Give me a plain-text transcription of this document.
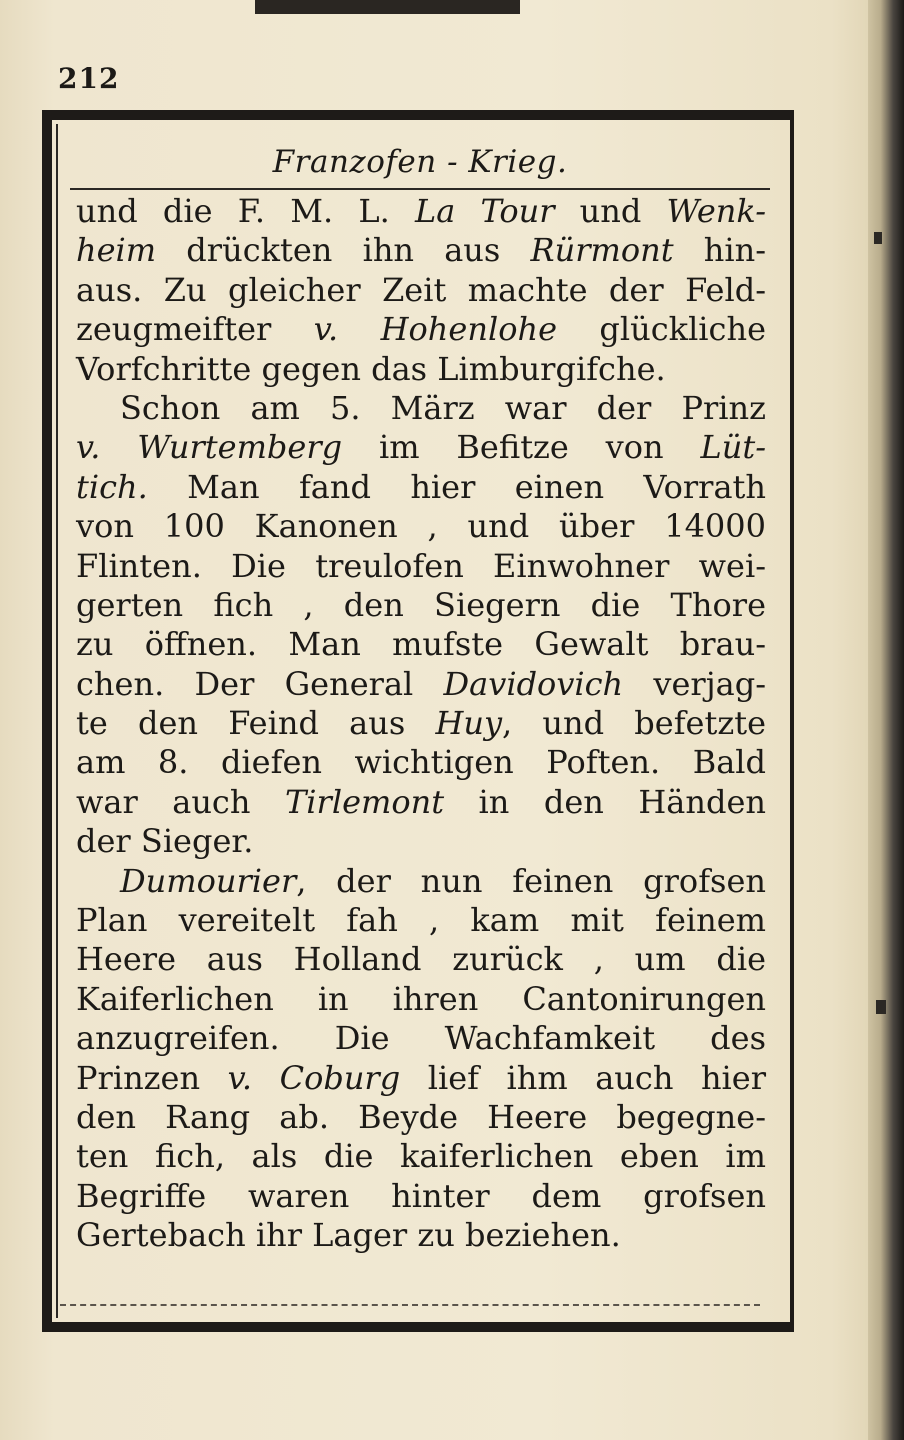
212
Franzofen - Krieg.
und die F. M. L. La Tour und Wenk-
heim drückten ihn aus Rürmont hin-
aus. Zu gleicher Zeit machte der Feld-
zeugmeifter v. Hohenlohe glückliche
Vorfchritte gegen das Limburgifche.
Schon am 5. März war der Prinz
v. Wurtemberg im Befitze von Lüt-
tich. Man fand hier einen Vorrath
von 100 Kanonen , und über 14000
Flinten. Die treulofen Einwohner wei-
gerten fich , den Siegern die Thore
zu öffnen. Man mufste Gewalt brau-
chen. Der General Davidovich verjag-
te den Feind aus Huy, und befetzte
am 8. diefen wichtigen Poften. Bald
war auch Tirlemont in den Händen
der Sieger.
Dumourier, der nun feinen grofsen
Plan vereitelt fah , kam mit feinem
Heere aus Holland zurück , um die
Kaiferlichen in ihren Cantonirungen
anzugreifen. Die Wachfamkeit des
Prinzen v. Coburg lief ihm auch hier
den Rang ab. Beyde Heere begegne-
ten fich, als die kaiferlichen eben im
Begriffe waren hinter dem grofsen
Gertebach ihr Lager zu beziehen.
